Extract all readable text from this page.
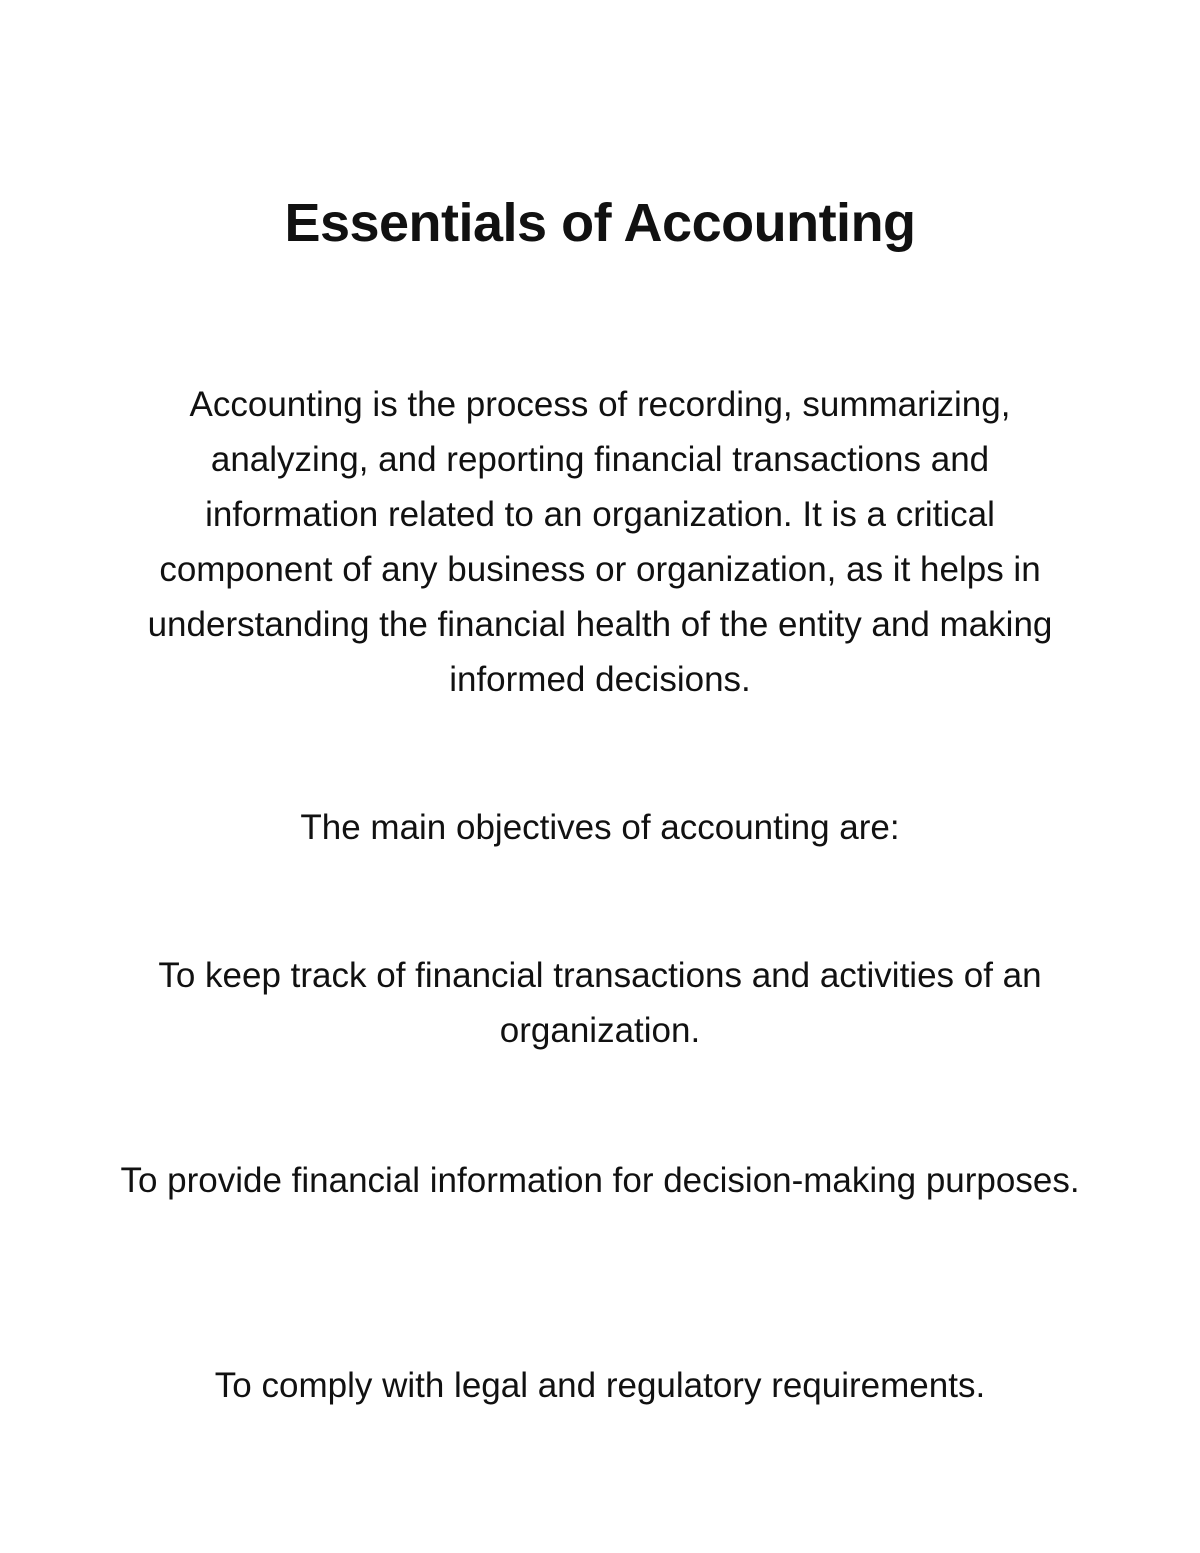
Essentials of Accounting

Accounting is the process of recording, summarizing, analyzing, and reporting financial transactions and information related to an organization. It is a critical component of any business or organization, as it helps in understanding the financial health of the entity and making informed decisions.

The main objectives of accounting are:

To keep track of financial transactions and activities of an organization.

To provide financial information for decision-making purposes.

To comply with legal and regulatory requirements.
